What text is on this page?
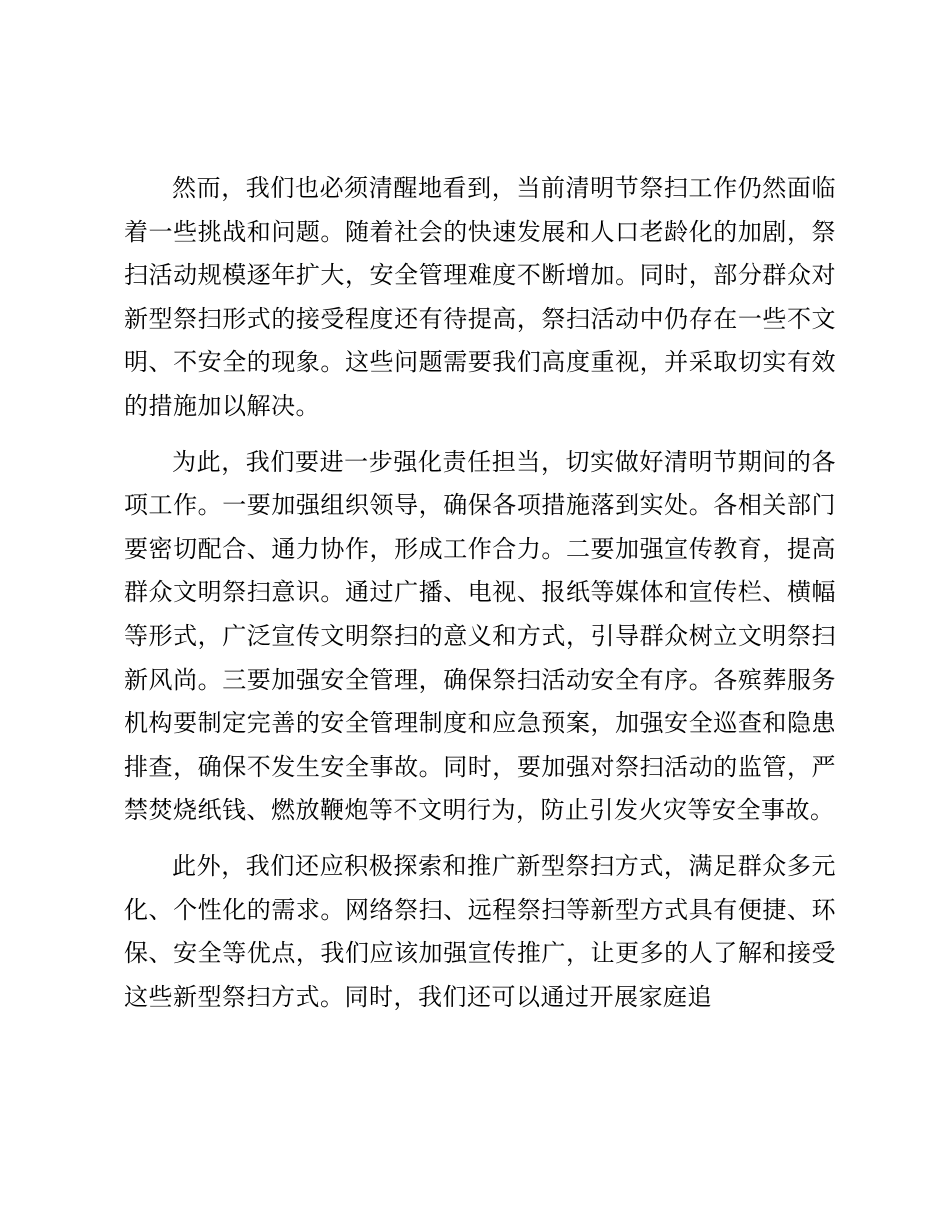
然而，我们也必须清醒地看到，当前清明节祭扫工作仍然面临着一些挑战和问题。随着社会的快速发展和人口老龄化的加剧，祭扫活动规模逐年扩大，安全管理难度不断增加。同时，部分群众对新型祭扫形式的接受程度还有待提高，祭扫活动中仍存在一些不文明、不安全的现象。这些问题需要我们高度重视，并采取切实有效的措施加以解决。

为此，我们要进一步强化责任担当，切实做好清明节期间的各项工作。一要加强组织领导，确保各项措施落到实处。各相关部门要密切配合、通力协作，形成工作合力。二要加强宣传教育，提高群众文明祭扫意识。通过广播、电视、报纸等媒体和宣传栏、横幅等形式，广泛宣传文明祭扫的意义和方式，引导群众树立文明祭扫新风尚。三要加强安全管理，确保祭扫活动安全有序。各殡葬服务机构要制定完善的安全管理制度和应急预案，加强安全巡查和隐患排查，确保不发生安全事故。同时，要加强对祭扫活动的监管，严禁焚烧纸钱、燃放鞭炮等不文明行为，防止引发火灾等安全事故。

此外，我们还应积极探索和推广新型祭扫方式，满足群众多元化、个性化的需求。网络祭扫、远程祭扫等新型方式具有便捷、环保、安全等优点，我们应该加强宣传推广，让更多的人了解和接受这些新型祭扫方式。同时，我们还可以通过开展家庭追
